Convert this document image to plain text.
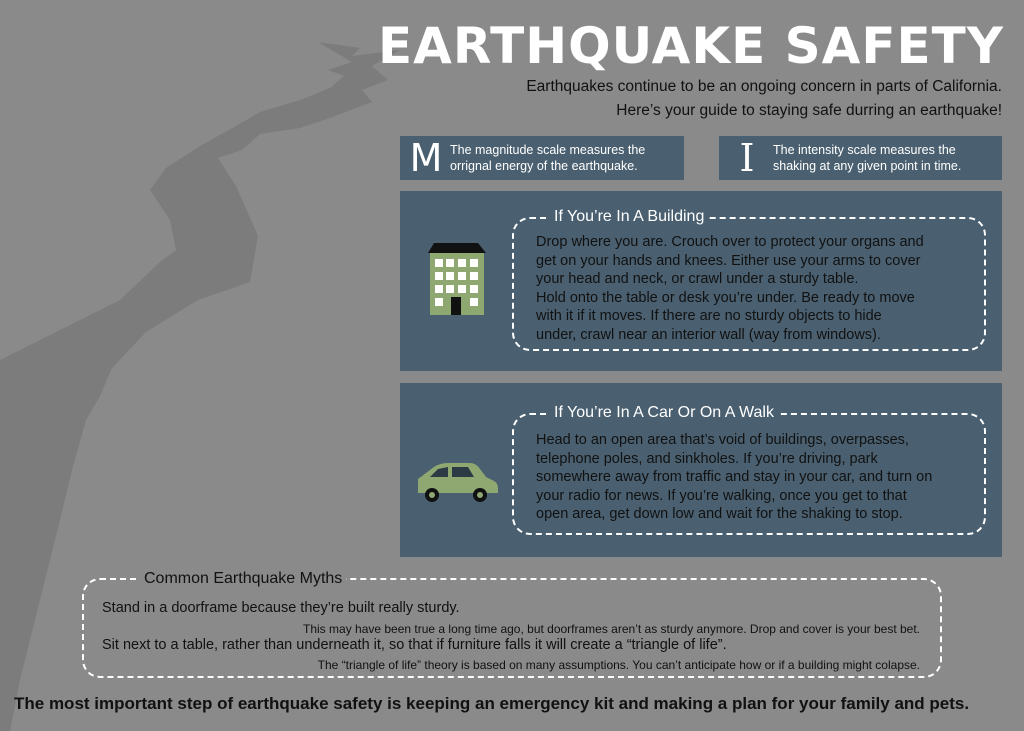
EARTHQUAKE SAFETY
Earthquakes continue to be an ongoing concern in parts of California.
Here’s your guide to staying safe durring an earthquake!
M The magnitude scale measures the
orrignal energy of the earthquake.	I	The intensity scale measures the
shaking at any given point in time.
If You’re In A Building
Drop where you are. Crouch over to protect your organs and
get on your hands and knees. Either use your arms to cover
your head and neck, or crawl under a sturdy table.
Hold onto the table or desk you’re under. Be ready to move
with it if it moves. If there are no sturdy objects to hide
under, crawl near an interior wall (way from windows).
If You’re In A Car Or On A Walk
Head to an open area that’s void of buildings, overpasses,
telephone poles, and sinkholes. If you’re driving, park
somewhere away from traffic and stay in your car, and turn on
your radio for news. If you’re walking, once you get to that
open area, get down low and wait for the shaking to stop.
Common Earthquake Myths
Stand in a doorframe because they’re built really sturdy.
This may have been true a long time ago, but doorframes aren’t as sturdy anymore. Drop and cover is your best bet.
Sit next to a table, rather than underneath it, so that if furniture falls it will create a “triangle of life”.
The “triangle of life” theory is based on many assumptions. You can’t anticipate how or if a building might colapse.
The most important step of earthquake safety is keeping an emergency kit and making a plan for your family and pets.
